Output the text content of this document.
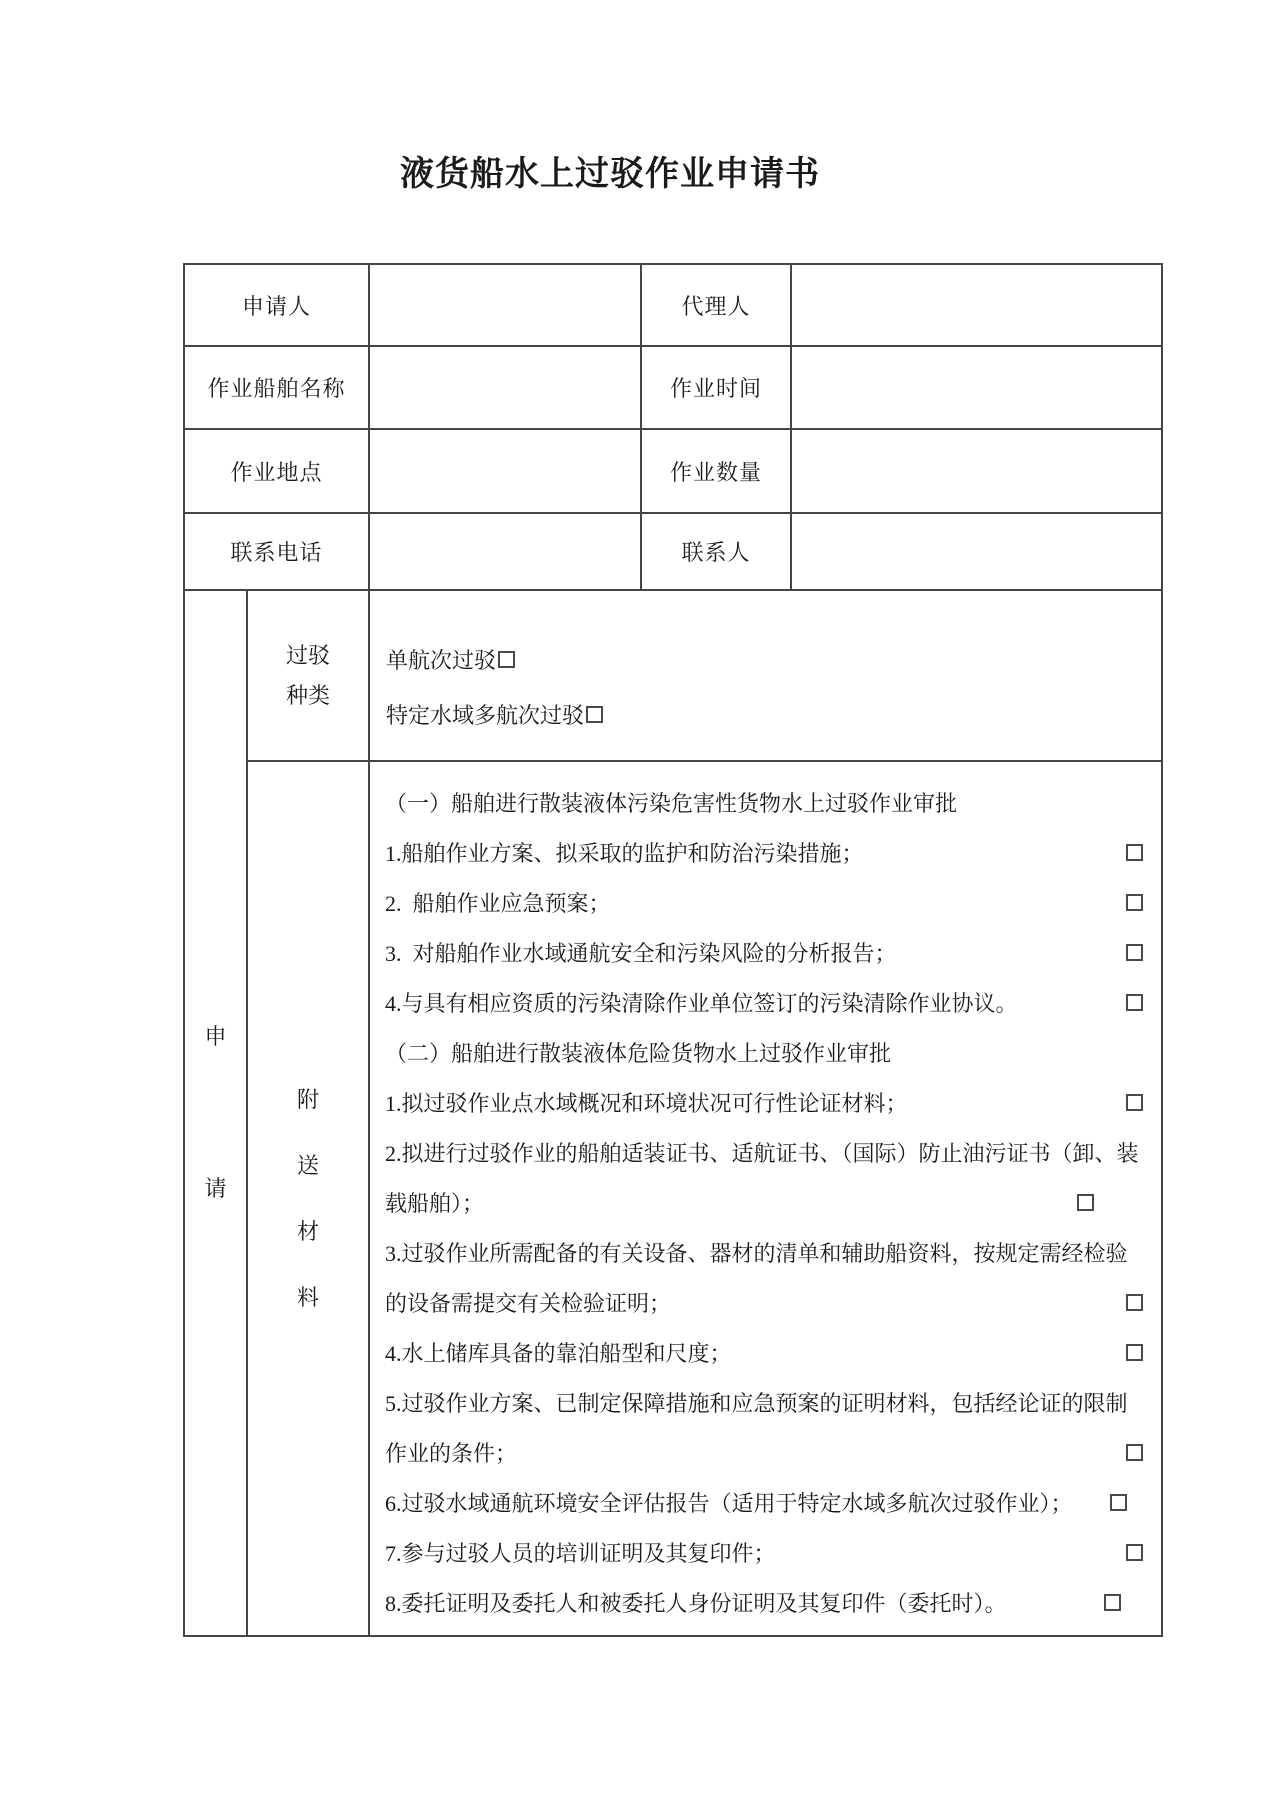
液货船水上过驳作业申请书
申请人			代理人	
作业船舶名称			作业时间	
作业地点			作业数量	
联系电话			联系人	

申
请

过驳
种类

单航次过驳
特定水域多航次过驳

附
送
材
料

（一）船舶进行散装液体污染危害性货物水上过驳作业审批
1.船舶作业方案、拟采取的监护和防治污染措施；
2.  船舶作业应急预案；
3.  对船舶作业水域通航安全和污染风险的分析报告；
4.与具有相应资质的污染清除作业单位签订的污染清除作业协议。
（二）船舶进行散装液体危险货物水上过驳作业审批
1.拟过驳作业点水域概况和环境状况可行性论证材料；
2.拟进行过驳作业的船舶适装证书、适航证书、（国际）防止油污证书（卸、装
载船舶）；
3.过驳作业所需配备的有关设备、器材的清单和辅助船资料，按规定需经检验
的设备需提交有关检验证明；
4.水上储库具备的靠泊船型和尺度；
5.过驳作业方案、已制定保障措施和应急预案的证明材料，包括经论证的限制
作业的条件；
6.过驳水域通航环境安全评估报告（适用于特定水域多航次过驳作业）；
7.参与过驳人员的培训证明及其复印件；
8.委托证明及委托人和被委托人身份证明及其复印件（委托时）。
